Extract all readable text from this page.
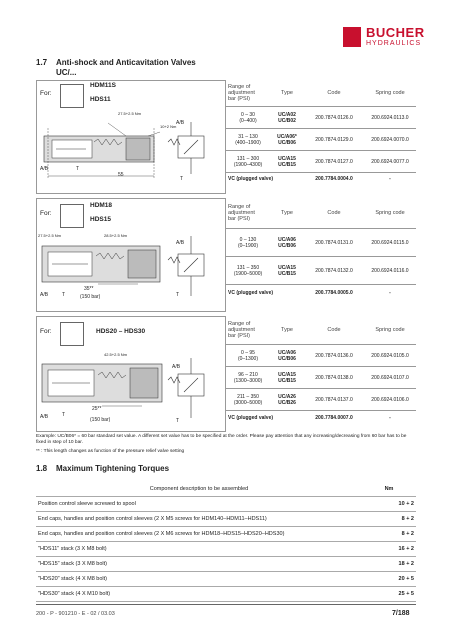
BUCHER
HYDRAULICS
1.7 Anti-shock and Anticavitation Valves
UC/...
For:
HDM11S
HDS11
27.5+2.5 Nm
10+2 Nm
55
A/B	T
A/B
T
Range of
adjustment
bar (PSI)	Type	Code	Spring code
0 – 30
(0–400)	UC/A02
UC/B02	200.7874.0126.0	200.6924.0113.0
31 – 130
(400–1900)	UC/A06*
UC/B06	200.7874.0129.0	200.6924.0070.0
131 – 300
(1900–4300)	UC/A15
UC/B15	200.7874.0127.0	200.6924.0077.0
VC (plugged valve)		200.7784.0004.0	-
For:
HDM18
HDS15
27.5+2.5 Nm	28.5+2.5 Nm
35**
(150 bar)
A/B	T
A/B
T
Range of
adjustment
bar (PSI)	Type	Code	Spring code
0 – 130
(0–1900)	UC/A06
UC/B06	200.7874.0131.0	200.6924.0115.0
131 – 350
(1900–5000)	UC/A15
UC/B15	200.7874.0132.0	200.6924.0116.0
VC (plugged valve)		200.7784.0005.0	-
For:	HDS20 – HDS30
42.5+2.5 Nm
25**
(150 bar)
A/B	T
A/B
T
Range of
adjustment
bar (PSI)	Type	Code	Spring code
0 – 95
(0–1300)	UC/A06
UC/B06	200.7874.0136.0	200.6924.0105.0
96 – 210
(1300–3000)	UC/A15
UC/B15	200.7874.0138.0	200.6924.0107.0
211 – 350
(3000–5000)	UC/A26
UC/B26	200.7874.0137.0	200.6924.0106.0
VC (plugged valve)		200.7784.0007.0	-
Example: UC/B06* = 60 bar standard set value. A different set value has to be specified at the order. Please pay attention that any increasing/decreasing from 60 bar has to be fixed in step of 10 bar.
** : This length changes as function of the pressure relief valve setting
1.8 Maximum Tightening Torques
Component description to be assembled	Nm
Position control sleeve screwed to spool	10 + 2
End caps, handles and position control sleeves (2 X M5 screws for HDM140–HDM11–HDS11)	8 + 2
End caps, handles and position control sleeves (2 X M6 screws for HDM18–HDS15–HDS20–HDS30)	8 + 2
"HDS11" stack (3 X M8 bolt)	16 + 2
"HDS15" stack (3 X M8 bolt)	18 + 2
"HDS20" stack (4 X M8 bolt)	20 + 5
"HDS30" stack (4 X M10 bolt)	25 + 5
200 - P - 901210 - E - 02 / 03.03	7/188
